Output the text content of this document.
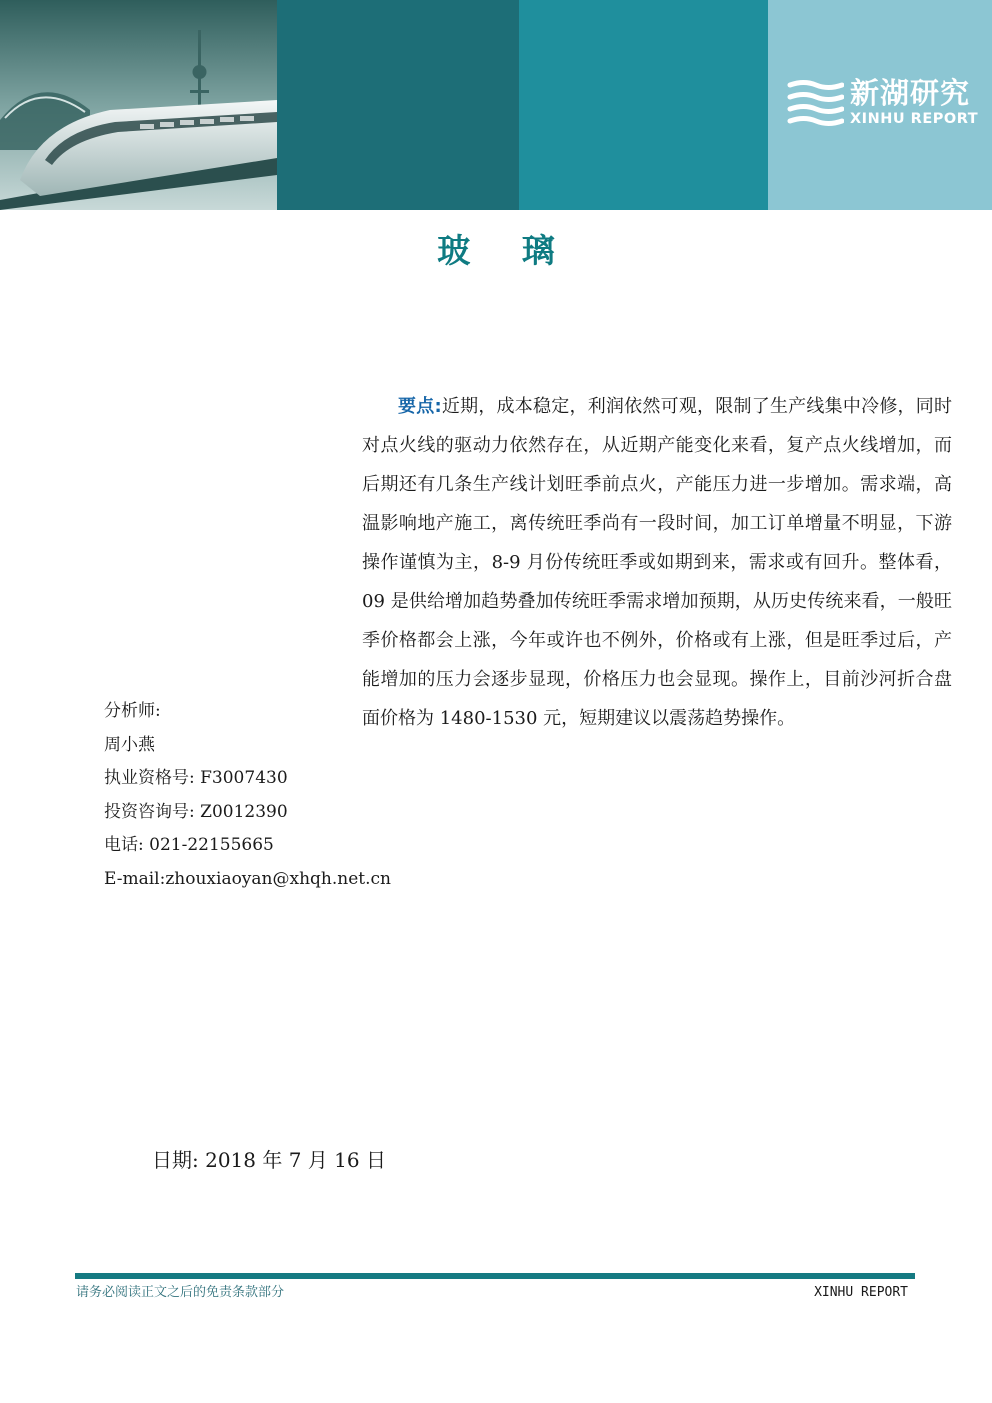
新湖研究
XINHU REPORT
玻 璃
要点:近期，成本稳定，利润依然可观，限制了生产线集中冷修，同时对点火线的驱动力依然存在，从近期产能变化来看，复产点火线增加，而后期还有几条生产线计划旺季前点火，产能压力进一步增加。需求端，高温影响地产施工，离传统旺季尚有一段时间，加工订单增量不明显，下游操作谨慎为主，8-9 月份传统旺季或如期到来，需求或有回升。整体看，09 是供给增加趋势叠加传统旺季需求增加预期，从历史传统来看，一般旺季价格都会上涨，今年或许也不例外，价格或有上涨，但是旺季过后，产能增加的压力会逐步显现，价格压力也会显现。操作上，目前沙河折合盘面价格为 1480-1530 元，短期建议以震荡趋势操作。
分析师:
周小燕
执业资格号: F3007430
投资咨询号: Z0012390
电话: 021-22155665
E-mail:zhouxiaoyan@xhqh.net.cn
日期: 2018 年 7 月 16 日
请务必阅读正文之后的免责条款部分	XINHU REPORT
